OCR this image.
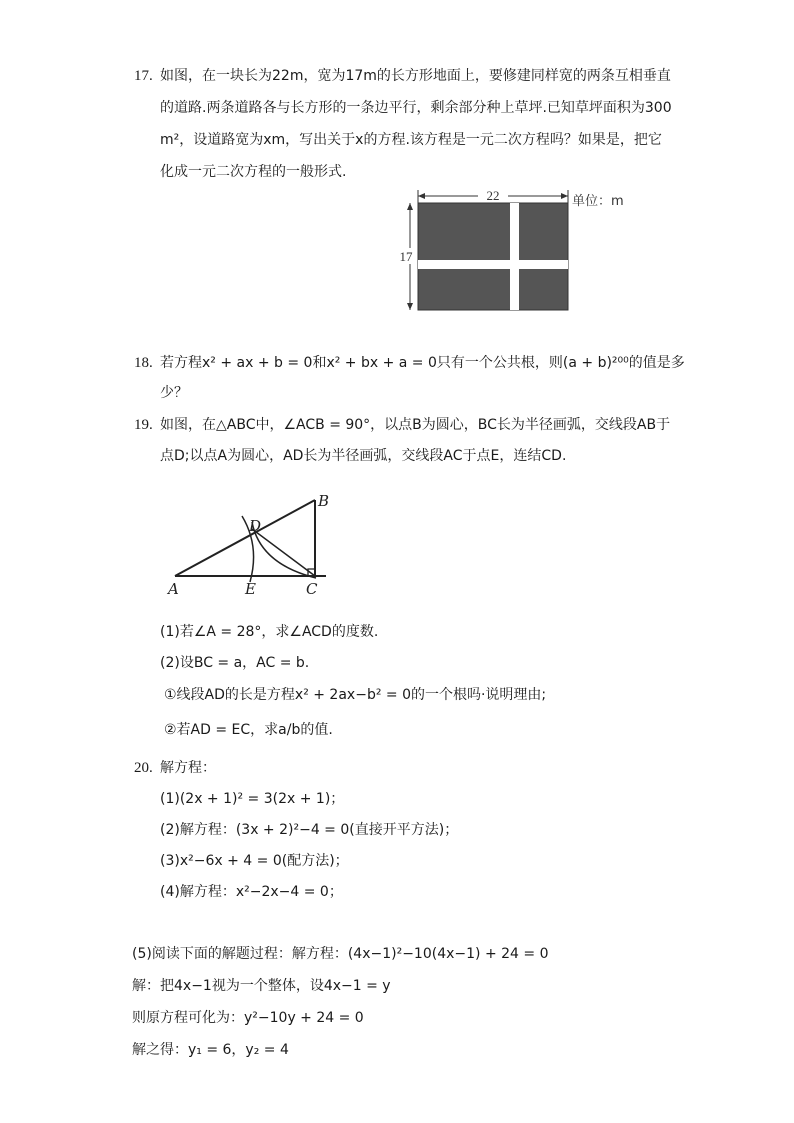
17. 如图，在一块长为22m，宽为17m的长方形地面上，要修建同样宽的两条互相垂直
的道路.两条道路各与长方形的一条边平行，剩余部分种上草坪.已知草坪面积为300
m²，设道路宽为xm，写出关于x的方程.该方程是一元二次方程吗？如果是，把它
化成一元二次方程的一般形式.
22	单位：m
17
18. 若方程x² + ax + b = 0和x² + bx + a = 0只有一个公共根，则(a + b)²⁰⁰的值是多
少？
19. 如图，在△ABC中，∠ACB = 90°，以点B为圆心，BC长为半径画弧，交线段AB于
点D;以点A为圆心，AD长为半径画弧，交线段AC于点E，连结CD.
A
B
C
D
E
(1)若∠A = 28°，求∠ACD的度数.
(2)设BC = a，AC = b.
①线段AD的长是方程x² + 2ax−b² = 0的一个根吗·说明理由;
②若AD = EC，求a/b的值.
20. 解方程：
(1)(2x + 1)² = 3(2x + 1)；
(2)解方程：(3x + 2)²−4 = 0(直接开平方法)；
(3)x²−6x + 4 = 0(配方法)；
(4)解方程：x²−2x−4 = 0；
(5)阅读下面的解题过程：解方程：(4x−1)²−10(4x−1) + 24 = 0
解：把4x−1视为一个整体，设4x−1 = y
则原方程可化为：y²−10y + 24 = 0
解之得：y₁ = 6，y₂ = 4
